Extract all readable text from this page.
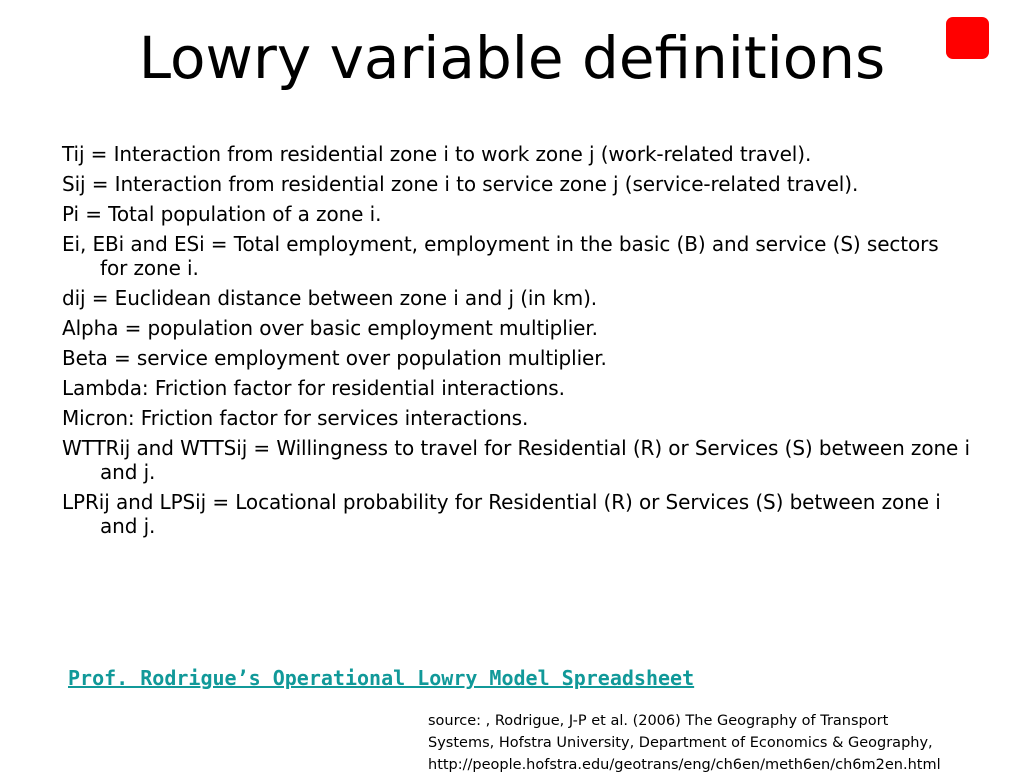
Lowry variable definitions
Tij = Interaction from residential zone i to work zone j (work-related travel).
Sij = Interaction from residential zone i to service zone j (service-related travel).
Pi = Total population of a zone i.
Ei, EBi and ESi = Total employment, employment in the basic (B) and service (S) sectors for zone i.
dij = Euclidean distance between zone i and j (in km).
Alpha = population over basic employment multiplier.
Beta = service employment over population multiplier.
Lambda: Friction factor for residential interactions.
Micron: Friction factor for services interactions.
WTTRij and WTTSij = Willingness to travel for Residential (R) or Services (S) between zone i and j.
LPRij and LPSij = Locational probability for Residential (R) or Services (S) between zone i and j.
Prof. Rodrigue’s Operational Lowry Model Spreadsheet
source: , Rodrigue, J-P et al. (2006) The Geography of Transport
Systems, Hofstra University, Department of Economics & Geography,
http://people.hofstra.edu/geotrans/eng/ch6en/meth6en/ch6m2en.html
